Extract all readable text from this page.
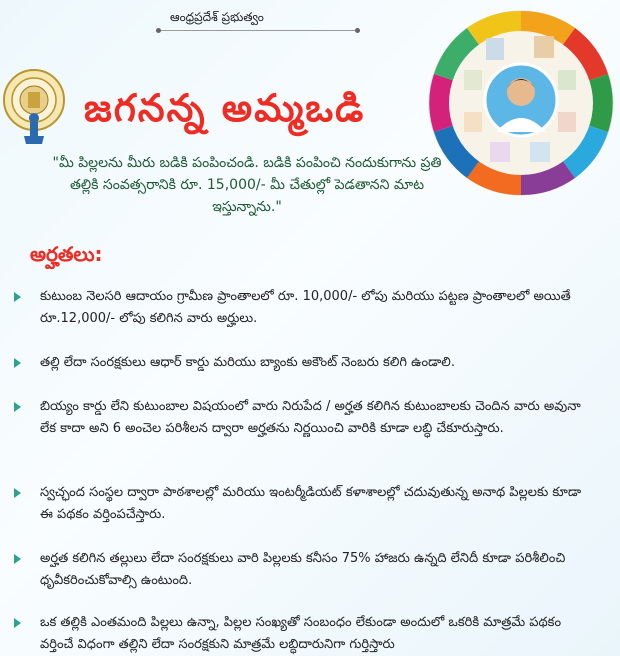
ఆంధ్రప్రదేశ్ ప్రభుత్వం
జగనన్న అమ్మఒడి
"మీ పిల్లలను మీరు బడికి పంపించండి. బడికి పంపించి నందుకుగాను ప్రతి తల్లికి సంవత్సరానికి రూ. 15,000/- మీ చేతుల్లో పెడతానని మాట ఇస్తున్నాను."
అర్హతలు:
కుటుంబ నెలసరి ఆదాయం గ్రామీణ ప్రాంతాలలో రూ. 10,000/- లోపు మరియు పట్టణ ప్రాంతాలలో అయితే రూ.12,000/- లోపు కలిగిన వారు అర్హులు.
తల్లి లేదా సంరక్షకులు ఆధార్ కార్డు మరియు బ్యాంకు అకౌంట్ నెంబరు కలిగి ఉండాలి.
బియ్యం కార్డు లేని కుటుంబాల విషయంలో వారు నిరుపేద / అర్హత కలిగిన కుటుంబాలకు చెందిన వారు అవునా లేక కాదా అని 6 అంచెల పరిశీలన ద్వారా అర్హతను నిర్ణయించి వారికి కూడా లబ్ధి చేకూరుస్తారు.
స్వచ్ఛంద సంస్థల ద్వారా పాఠశాలల్లో మరియు ఇంటర్మీడియట్ కళాశాలల్లో చదువుతున్న అనాథ పిల్లలకు కూడా ఈ పథకం వర్తింపచేస్తారు.
అర్హత కలిగిన తల్లులు లేదా సంరక్షకులు వారి పిల్లలకు కనీసం 75% హాజరు ఉన్నది లేనిదీ కూడా పరిశీలించి ధృవీకరించుకోవాల్సి ఉంటుంది.
ఒక తల్లికి ఎంతమంది పిల్లలు ఉన్నా, పిల్లల సంఖ్యతో సంబంధం లేకుండా అందులో ఒకరికి మాత్రమే పథకం వర్తించే విధంగా తల్లిని లేదా సంరక్షకుని మాత్రమే లబ్ధిదారునిగా గుర్తిస్తారు
